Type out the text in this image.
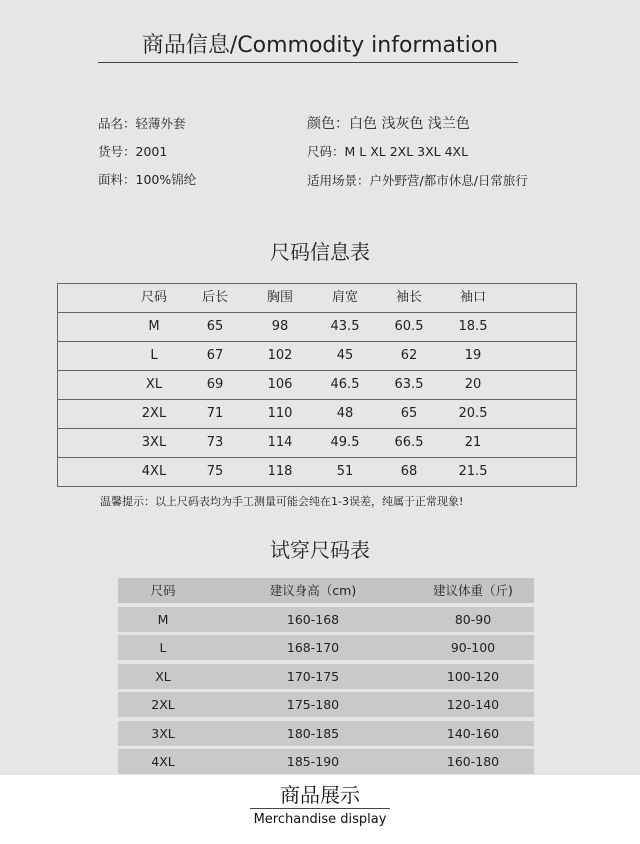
商品信息/Commodity information
品名：轻薄外套
货号：2001
面料：100%锦纶
颜色：白色 浅灰色 浅兰色
尺码：M L XL 2XL 3XL 4XL
适用场景：户外野营/都市休息/日常旅行
尺码信息表
尺码	后长	胸围	肩宽	袖长	袖口
M	65	98	43.5	60.5	18.5
L	67	102	45	62	19
XL	69	106	46.5	63.5	20
2XL	71	110	48	65	20.5
3XL	73	114	49.5	66.5	21
4XL	75	118	51	68	21.5
温馨提示：以上尺码表均为手工测量可能会纯在1-3误差，纯属于正常现象!
试穿尺码表
尺码	建议身高（cm)	建议体重（斤)
M	160-168	80-90
L	168-170	90-100
XL	170-175	100-120
2XL	175-180	120-140
3XL	180-185	140-160
4XL	185-190	160-180
商品展示
Merchandise display
